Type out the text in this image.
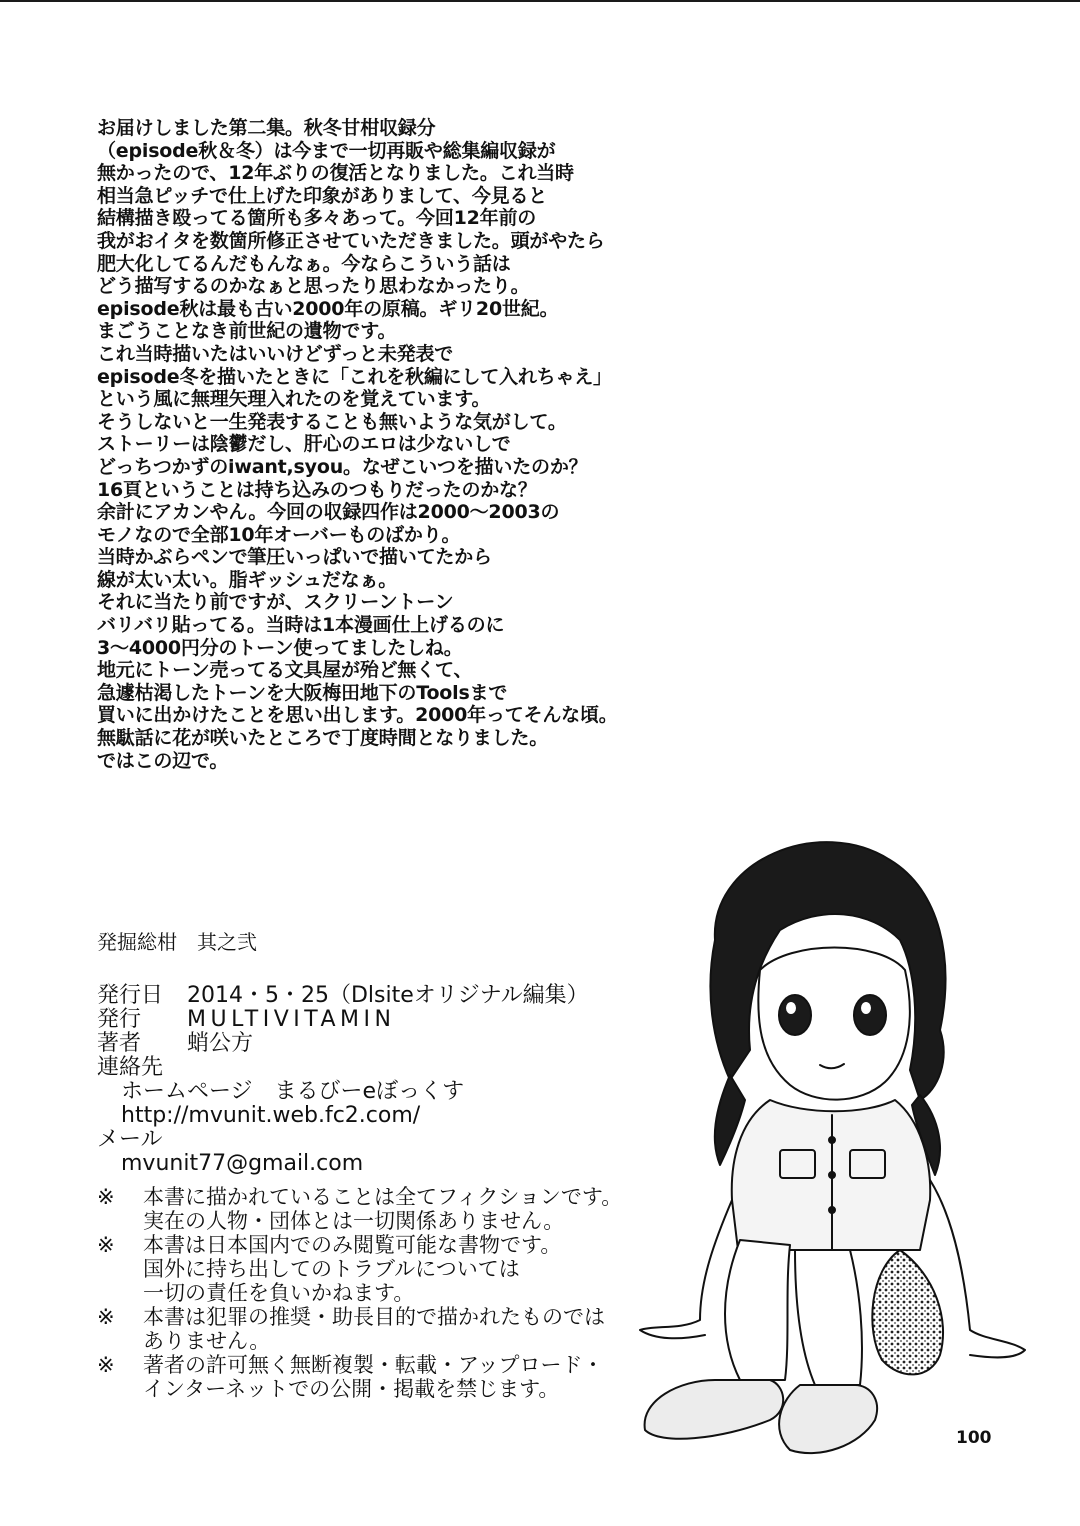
お届けしました第二集。秋冬甘柑収録分
（episode秋＆冬）は今まで一切再販や総集編収録が
無かったので、12年ぶりの復活となりました。これ当時
相当急ピッチで仕上げた印象がありまして、今見ると
結構描き殴ってる箇所も多々あって。今回12年前の
我がおイタを数箇所修正させていただきました。頭がやたら
肥大化してるんだもんなぁ。今ならこういう話は
どう描写するのかなぁと思ったり思わなかったり。
episode秋は最も古い2000年の原稿。ギリ20世紀。
まごうことなき前世紀の遺物です。
これ当時描いたはいいけどずっと未発表で
episode冬を描いたときに「これを秋編にして入れちゃえ」
という風に無理矢理入れたのを覚えています。
そうしないと一生発表することも無いような気がして。
ストーリーは陰鬱だし、肝心のエロは少ないしで
どっちつかずのiwant,syou。なぜこいつを描いたのか？
16頁ということは持ち込みのつもりだったのかな？
余計にアカンやん。今回の収録四作は2000～2003の
モノなので全部10年オーバーものばかり。
当時かぶらペンで筆圧いっぱいで描いてたから
線が太い太い。脂ギッシュだなぁ。
それに当たり前ですが、スクリーントーン
バリバリ貼ってる。当時は1本漫画仕上げるのに
3～4000円分のトーン使ってましたしね。
地元にトーン売ってる文具屋が殆ど無くて、
急遽枯渇したトーンを大阪梅田地下のToolsまで
買いに出かけたことを思い出します。2000年ってそんな頃。
無駄話に花が咲いたところで丁度時間となりました。
ではこの辺で。
発掘総柑　其之弐
発行日	2014・5・25（Dlsiteオリジナル編集）
発行	MULTIVITAMIN
著者	蛸公方
連絡先
ホームページ　まるびーeぼっくす
http://mvunit.web.fc2.com/
メール
mvunit77@gmail.com
※	本書に描かれていることは全てフィクションです。
実在の人物・団体とは一切関係ありません。
※	本書は日本国内でのみ閲覧可能な書物です。
国外に持ち出してのトラブルについては
一切の責任を負いかねます。
※	本書は犯罪の推奨・助長目的で描かれたものでは
ありません。
※	著者の許可無く無断複製・転載・アップロード・
インターネットでの公開・掲載を禁じます。
100
